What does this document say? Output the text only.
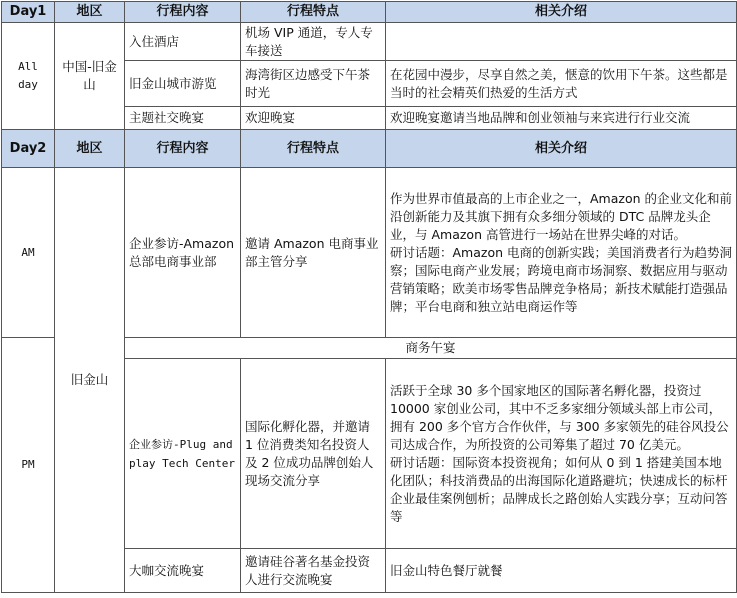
Day1	地区	行程内容	行程特点	相关介绍
All day	中国-旧金山	入住酒店	机场 VIP 通道，专人专车接送	
		旧金山城市游览	海湾街区边感受下午茶时光	在花园中漫步，尽享自然之美，惬意的饮用下午茶。这些都是当时的社会精英们热爱的生活方式
		主题社交晚宴	欢迎晚宴	欢迎晚宴邀请当地品牌和创业领袖与来宾进行行业交流
Day2	地区	行程内容	行程特点	相关介绍
AM	旧金山	企业参访-Amazon 总部电商事业部	邀请 Amazon 电商事业部主管分享	作为世界市值最高的上市企业之一，Amazon 的企业文化和前沿创新能力及其旗下拥有众多细分领域的 DTC 品牌龙头企业，与 Amazon 高管进行一场站在世界尖峰的对话。

研讨话题：Amazon 电商的创新实践；美国消费者行为趋势洞察；国际电商产业发展；跨境电商市场洞察、数据应用与驱动营销策略；欧美市场零售品牌竞争格局；新技术赋能打造强品牌；平台电商和独立站电商运作等

PM		商务午宴		
		企业参访-Plug and play Tech Center	国际化孵化器，并邀请 1 位消费类知名投资人及 2 位成功品牌创始人现场交流分享	活跃于全球 30 多个国家地区的国际著名孵化器，投资过 10000 家创业公司，其中不乏多家细分领域头部上市公司，拥有 200 多个官方合作伙伴，与 300 多家领先的硅谷风投公司达成合作，为所投资的公司筹集了超过 70 亿美元。

研讨话题：国际资本投资视角；如何从 0 到 1 搭建美国本地化团队；科技消费品的出海国际化道路避坑；快速成长的标杆企业最佳案例刨析；品牌成长之路创始人实践分享；互动问答等

		大咖交流晚宴	邀请硅谷著名基金投资人进行交流晚宴	旧金山特色餐厅就餐
